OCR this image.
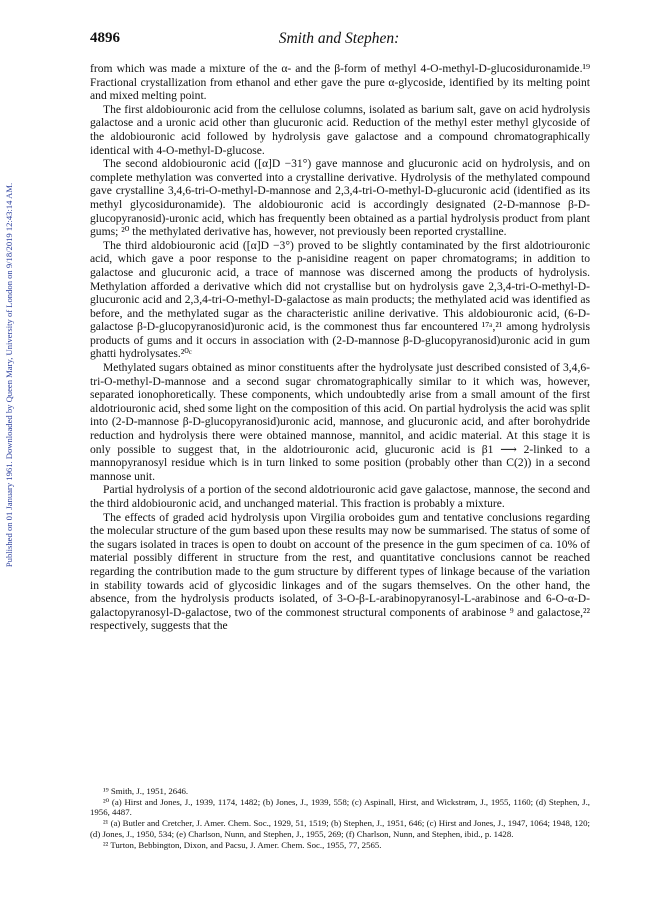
Published on 01 January 1961. Downloaded by Queen Mary, University of London on 9/18/2019 12:43:14 AM.
4896	Smith and Stephen:

from which was made a mixture of the α- and the β-form of methyl 4-O-methyl-D-glucosiduronamide.¹⁹ Fractional crystallization from ethanol and ether gave the pure α-glycoside, identified by its melting point and mixed melting point.

The first aldobiouronic acid from the cellulose columns, isolated as barium salt, gave on acid hydrolysis galactose and a uronic acid other than glucuronic acid. Reduction of the methyl ester methyl glycoside of the aldobiouronic acid followed by hydrolysis gave galactose and a compound chromatographically identical with 4-O-methyl-D-glucose.

The second aldobiouronic acid ([α]D −31°) gave mannose and glucuronic acid on hydrolysis, and on complete methylation was converted into a crystalline derivative. Hydrolysis of the methylated compound gave crystalline 3,4,6-tri-O-methyl-D-mannose and 2,3,4-tri-O-methyl-D-glucuronic acid (identified as its methyl glycosiduronamide). The aldobiouronic acid is accordingly designated (2-D-mannose β-D-glucopyranosid)-uronic acid, which has frequently been obtained as a partial hydrolysis product from plant gums; ²⁰ the methylated derivative has, however, not previously been reported crystalline.

The third aldobiouronic acid ([α]D −3°) proved to be slightly contaminated by the first aldotriouronic acid, which gave a poor response to the p-anisidine reagent on paper chromatograms; in addition to galactose and glucuronic acid, a trace of mannose was discerned among the products of hydrolysis. Methylation afforded a derivative which did not crystallise but on hydrolysis gave 2,3,4-tri-O-methyl-D-glucuronic acid and 2,3,4-tri-O-methyl-D-galactose as main products; the methylated acid was identified as before, and the methylated sugar as the characteristic aniline derivative. This aldobiouronic acid, (6-D-galactose β-D-glucopyranosid)uronic acid, is the commonest thus far encountered ¹⁷ᵃ,²¹ among hydrolysis products of gums and it occurs in association with (2-D-mannose β-D-glucopyranosid)uronic acid in gum ghatti hydrolysates.²⁰ᶜ

Methylated sugars obtained as minor constituents after the hydrolysate just described consisted of 3,4,6-tri-O-methyl-D-mannose and a second sugar chromatographically similar to it which was, however, separated ionophoretically. These components, which undoubtedly arise from a small amount of the first aldotriouronic acid, shed some light on the composition of this acid. On partial hydrolysis the acid was split into (2-D-mannose β-D-glucopyranosid)uronic acid, mannose, and glucuronic acid, and after borohydride reduction and hydrolysis there were obtained mannose, mannitol, and acidic material. At this stage it is only possible to suggest that, in the aldotriouronic acid, glucuronic acid is β1 ⟶ 2-linked to a mannopyranosyl residue which is in turn linked to some position (probably other than C(2)) in a second mannose unit.

Partial hydrolysis of a portion of the second aldotriouronic acid gave galactose, mannose, the second and the third aldobiouronic acid, and unchanged material. This fraction is probably a mixture.

The effects of graded acid hydrolysis upon Virgilia oroboides gum and tentative conclusions regarding the molecular structure of the gum based upon these results may now be summarised. The status of some of the sugars isolated in traces is open to doubt on account of the presence in the gum specimen of ca. 10% of material possibly different in structure from the rest, and quantitative conclusions cannot be reached regarding the contribution made to the gum structure by different types of linkage because of the variation in stability towards acid of glycosidic linkages and of the sugars themselves. On the other hand, the absence, from the hydrolysis products isolated, of 3-O-β-L-arabinopyranosyl-L-arabinose and 6-O-α-D-galactopyranosyl-D-galactose, two of the commonest structural components of arabinose ⁹ and galactose,²² respectively, suggests that the

¹⁹ Smith, J., 1951, 2646.

²⁰ (a) Hirst and Jones, J., 1939, 1174, 1482; (b) Jones, J., 1939, 558; (c) Aspinall, Hirst, and Wickstrøm, J., 1955, 1160; (d) Stephen, J., 1956, 4487.

²¹ (a) Butler and Cretcher, J. Amer. Chem. Soc., 1929, 51, 1519; (b) Stephen, J., 1951, 646; (c) Hirst and Jones, J., 1947, 1064; 1948, 120; (d) Jones, J., 1950, 534; (e) Charlson, Nunn, and Stephen, J., 1955, 269; (f) Charlson, Nunn, and Stephen, ibid., p. 1428.

²² Turton, Bebbington, Dixon, and Pacsu, J. Amer. Chem. Soc., 1955, 77, 2565.
